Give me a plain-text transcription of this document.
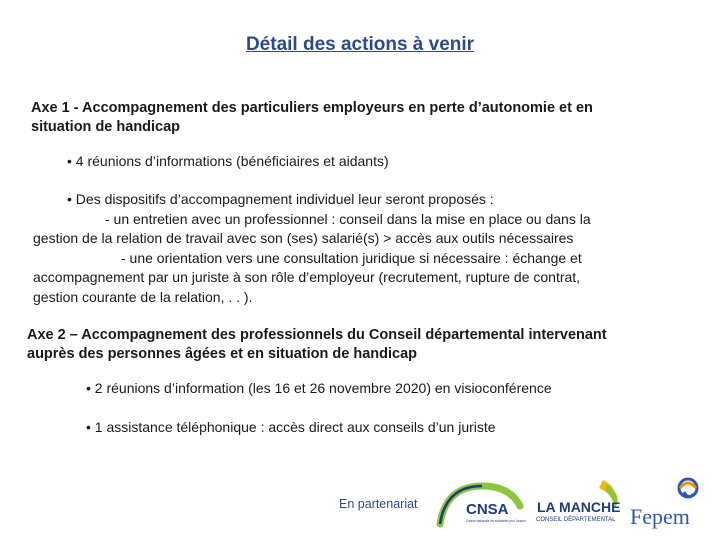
Détail des actions à venir
Axe 1 - Accompagnement des particuliers employeurs en perte d’autonomie et en
situation de handicap
• 4 réunions d’informations (bénéficiaires et aidants)
• Des dispositifs d’accompagnement individuel leur seront proposés :
- un entretien avec un professionnel : conseil dans la mise en place ou dans la
gestion de la relation de travail avec son (ses) salarié(s) > accès aux outils nécessaires
- une orientation vers une consultation juridique si nécessaire : échange et
accompagnement par un juriste à son rôle d’employeur (recrutement, rupture de contrat,
gestion courante de la relation, . . ).
Axe 2 – Accompagnement des professionnels du Conseil départemental intervenant
auprès des personnes âgées et en situation de handicap
• 2 réunions d’information (les 16 et 26 novembre 2020) en visioconférence
• 1 assistance téléphonique : accès direct aux conseils d’un juriste
En partenariat	CNSA
Caisse nationale de solidarité pour l'autonomie
LA MANCHE
CONSEIL DÉPARTEMENTAL Fepem
